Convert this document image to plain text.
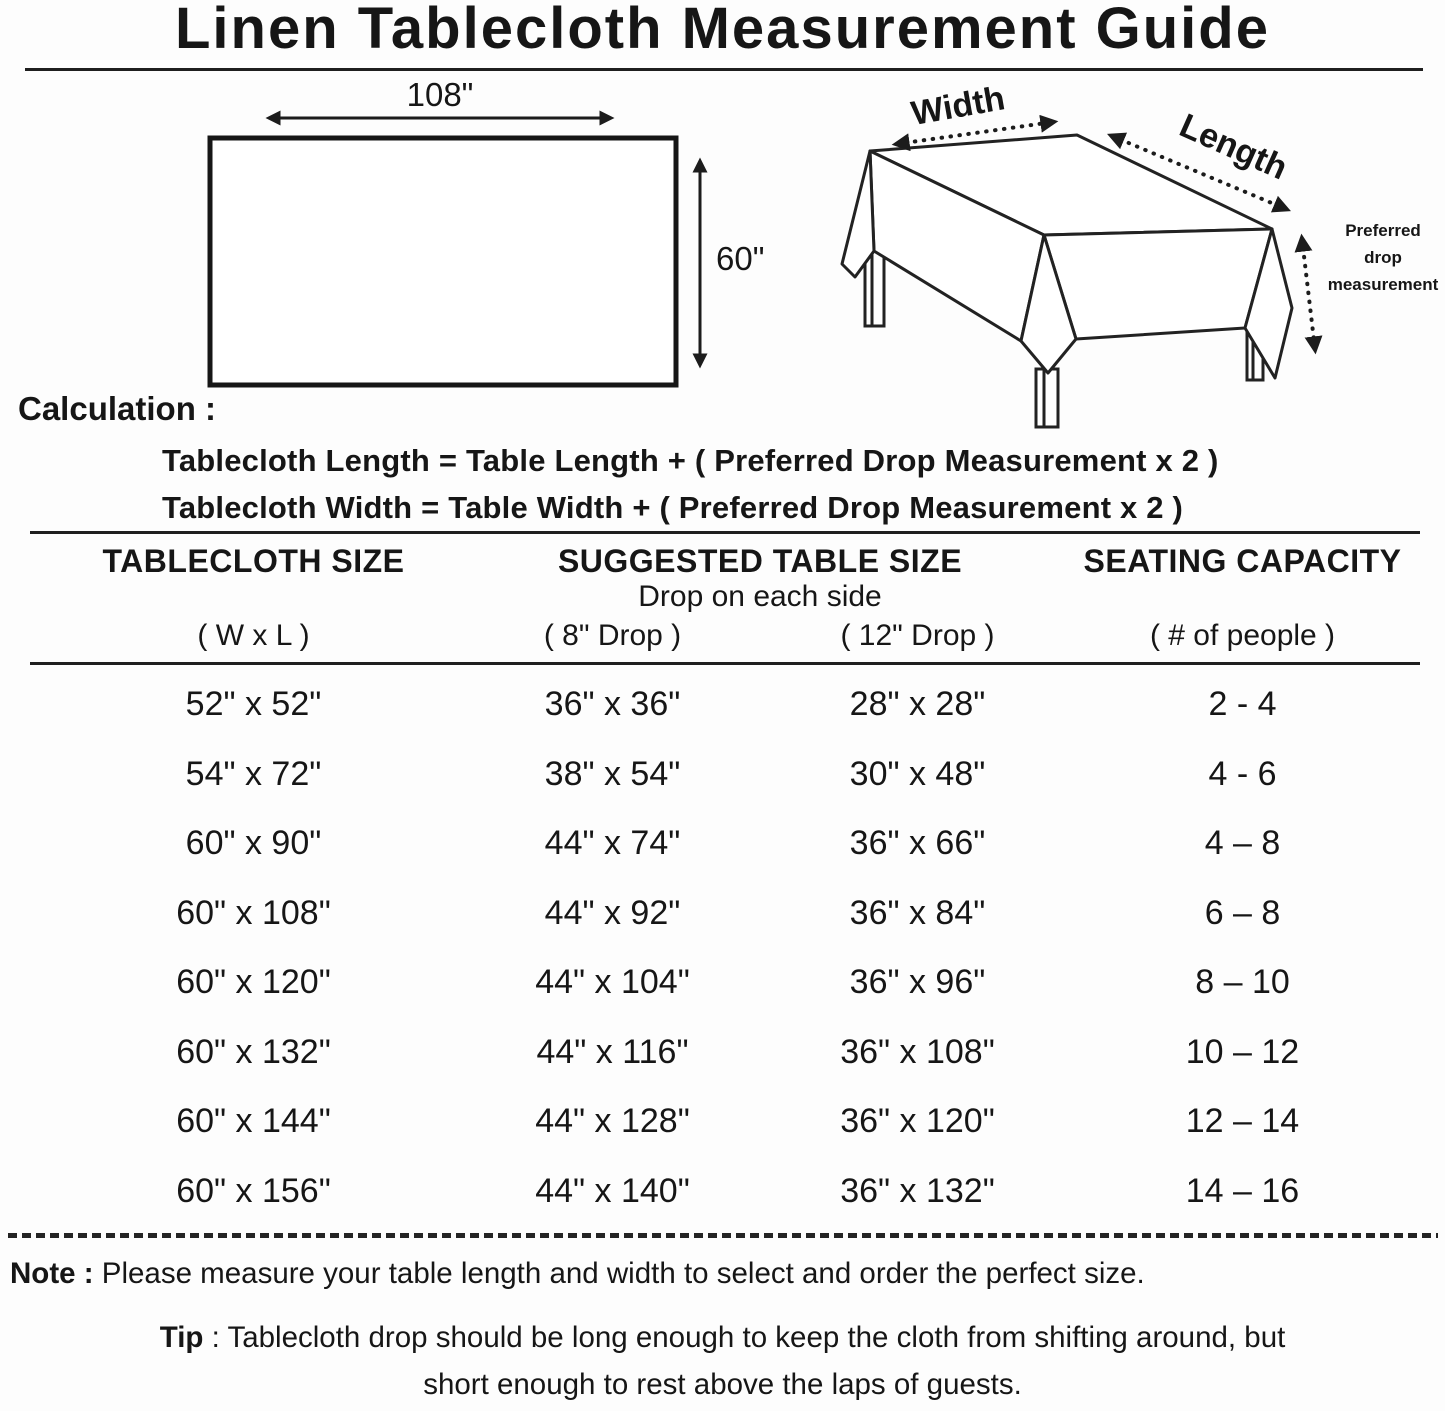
Linen Tablecloth Measurement Guide
108"
60"
Width
Length
Preferred
drop
measurement
Calculation :
Tablecloth Length = Table Length + ( Preferred Drop Measurement x 2 )
Tablecloth Width = Table Width + ( Preferred Drop Measurement x 2 )
TABLECLOTH SIZE	SUGGESTED TABLE SIZE
Drop on each side
SEATING CAPACITY
( W x L )	( 8" Drop )	( 12" Drop )	( # of people )
52" x 52"	36" x 36"	28" x 28"	2 - 4
54" x 72"	38" x 54"	30" x 48"	4 - 6
60" x 90"	44" x 74"	36" x 66"	4 – 8
60" x 108"	44" x 92"	36" x 84"	6 – 8
60" x 120"	44" x 104"	36" x 96"	8 – 10
60" x 132"	44" x 116"	36" x 108"	10 – 12
60" x 144"	44" x 128"	36" x 120"	12 – 14
60" x 156"	44" x 140"	36" x 132"	14 – 16
Note : Please measure your table length and width to select and order the perfect size.
Tip : Tablecloth drop should be long enough to keep the cloth from shifting around, but
short enough to rest above the laps of guests.
